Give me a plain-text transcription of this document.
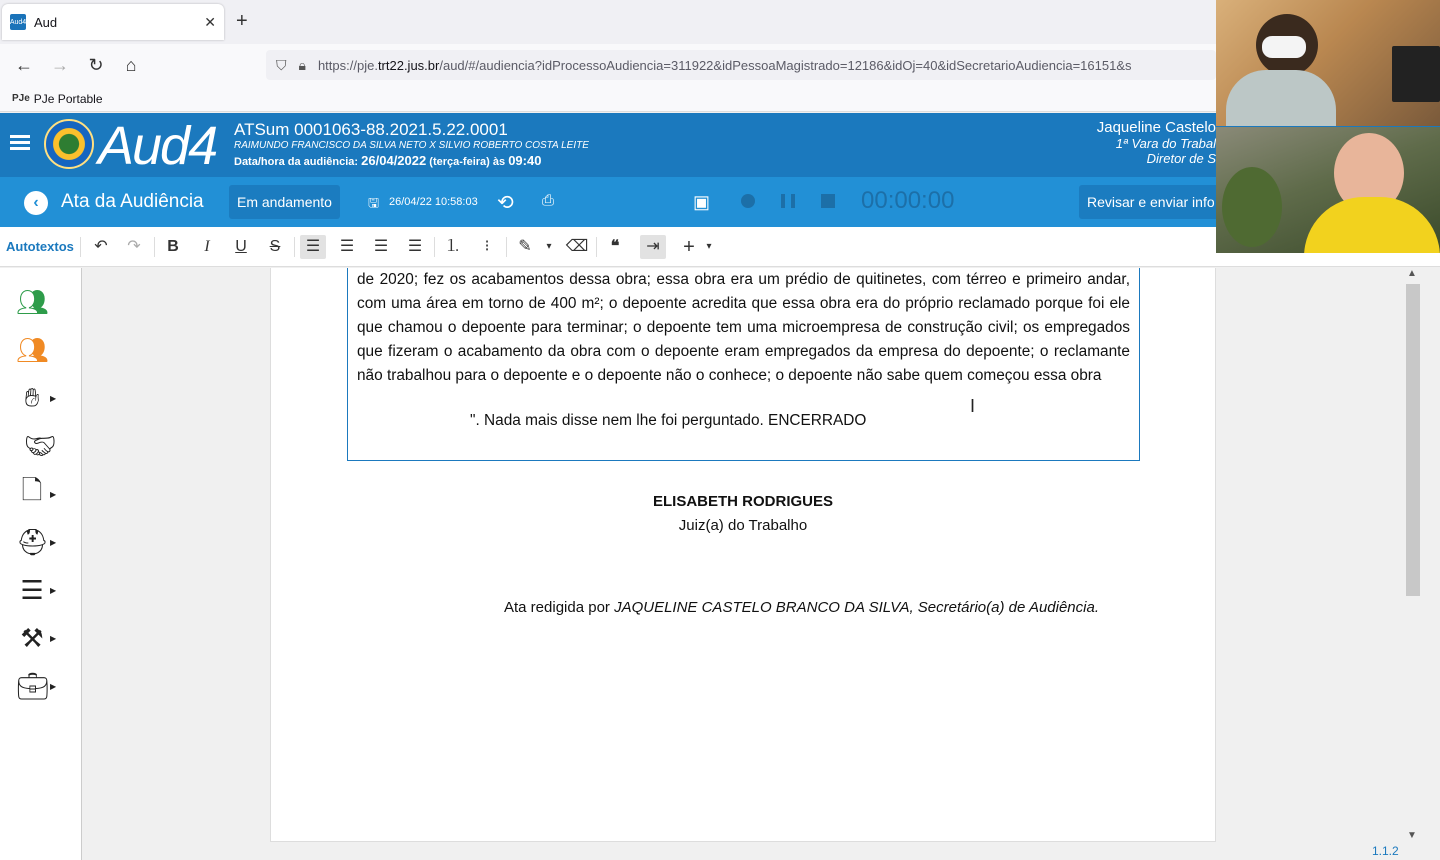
Aud4 Aud	✕ +
← → ↻	⌂	⛉ 🔒︎ https://pje.trt22.jus.br/aud/#/audiencia?idProcessoAudiencia=311922&idPessoaMagistrado=12186&idOj=40&idSecretarioAudiencia=16151&s
PJe PJe Portable
Aud4 ATSum 0001063-88.2021.5.22.0001
RAIMUNDO FRANCISCO DA SILVA NETO X SILVIO ROBERTO COSTA LEITE
Data/hora da audiência: 26/04/2022 (terça-feira) às 09:40
Jaqueline Castelo
1ª Vara do Trabal
Diretor de S
‹	Ata da Audiência	Em andamento	🖫 26/04/22 10:58:03 ⟲ ⎙	▣	00:00:00	Revisar e enviar info
Autotextos	↶	↷	B	I	U	S	☰	☰	☰	☰	⒈	⁝	✎	▾ ⌫	❝	⇥	+	▾
👥︎
👥︎
✋︎	▶
🤝︎
🗋 ▶
⛑︎ ▶
☰ ▶
⚒︎ ▶
💼︎ ▶
de 2020; fez os acabamentos dessa obra; essa obra era um prédio de quitinetes, com térreo e primeiro andar, com uma área em torno de 400 m²; o depoente acredita que essa obra era do próprio reclamado porque foi ele que chamou o depoente para terminar; o depoente tem uma microempresa de construção civil; os empregados que fizeram o acabamento da obra com o depoente eram empregados da empresa do depoente; o reclamante não trabalhou para o depoente e o depoente não o conhece; o depoente não sabe quem começou essa obra
". Nada mais disse nem lhe foi perguntado. ENCERRADO
ELISABETH RODRIGUES
Juiz(a) do Trabalho
Ata redigida por JAQUELINE CASTELO BRANCO DA SILVA, Secretário(a) de Audiência.
I
▲
▼
1.1.2
